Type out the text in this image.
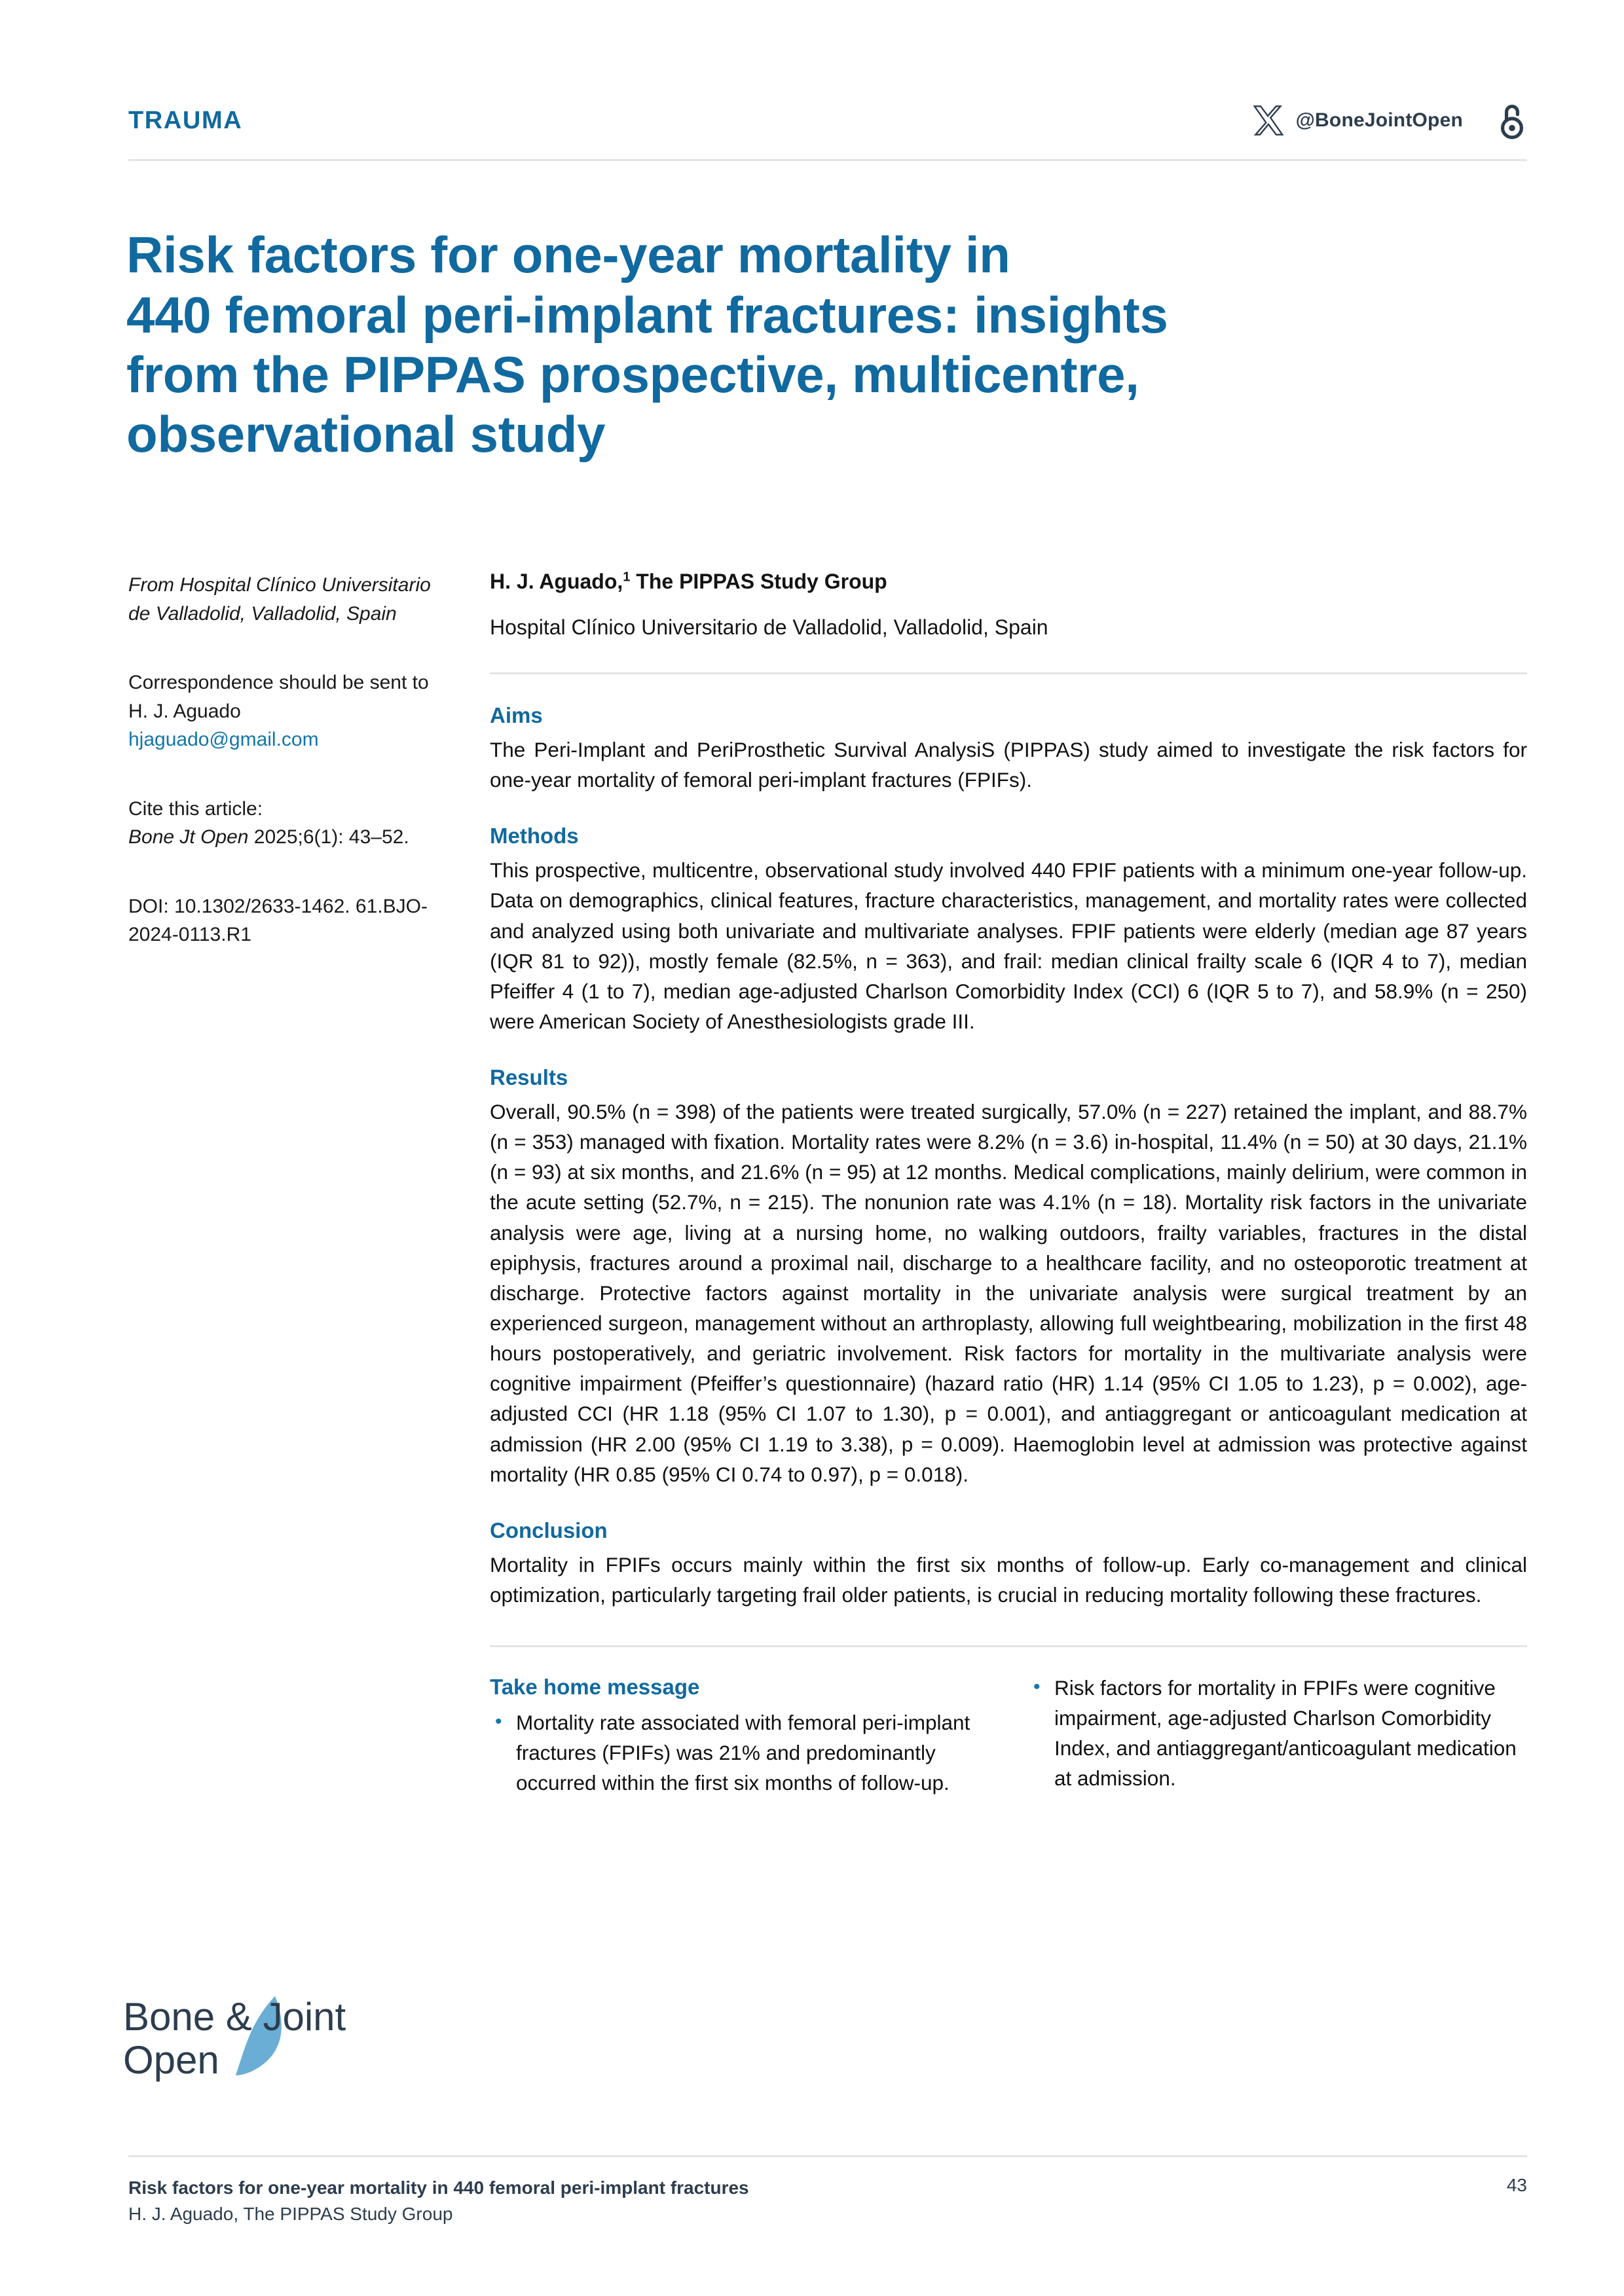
TRAUMA	@BoneJointOpen
Risk factors for one-year mortality in
440 femoral peri-implant fractures: insights
from the PIPPAS prospective, multicentre,
observational study
From Hospital Clínico Universitario de Valladolid, Valladolid, Spain
Correspondence should be sent to H. J. Aguado
hjaguado@gmail.com
Cite this article:
Bone Jt Open 2025;6(1): 43–52.
DOI: 10.1302/2633-1462. 61.BJO-2024-0113.R1
H. J. Aguado,$^1$ The PIPPAS Study Group
Hospital Clínico Universitario de Valladolid, Valladolid, Spain
Aims
The Peri-Implant and PeriProsthetic Survival AnalysiS (PIPPAS) study aimed to investigate the risk factors for one-year mortality of femoral peri-implant fractures (FPIFs).
Methods
This prospective, multicentre, observational study involved 440 FPIF patients with a minimum one-year follow-up. Data on demographics, clinical features, fracture characteristics, management, and mortality rates were collected and analyzed using both univariate and multivariate analyses. FPIF patients were elderly (median age 87 years (IQR 81 to 92)), mostly female (82.5%, n = 363), and frail: median clinical frailty scale 6 (IQR 4 to 7), median Pfeiffer 4 (1 to 7), median age-adjusted Charlson Comorbidity Index (CCI) 6 (IQR 5 to 7), and 58.9% (n = 250) were American Society of Anesthesiologists grade III.
Results
Overall, 90.5% (n = 398) of the patients were treated surgically, 57.0% (n = 227) retained the implant, and 88.7% (n = 353) managed with fixation. Mortality rates were 8.2% (n = 3.6) in-hospital, 11.4% (n = 50) at 30 days, 21.1% (n = 93) at six months, and 21.6% (n = 95) at 12 months. Medical complications, mainly delirium, were common in the acute setting (52.7%, n = 215). The nonunion rate was 4.1% (n = 18). Mortality risk factors in the univariate analysis were age, living at a nursing home, no walking outdoors, frailty variables, fractures in the distal epiphysis, fractures around a proximal nail, discharge to a healthcare facility, and no osteoporotic treatment at discharge. Protective factors against mortality in the univariate analysis were surgical treatment by an experienced surgeon, management without an arthroplasty, allowing full weightbearing, mobilization in the first 48 hours postoperatively, and geriatric involvement. Risk factors for mortality in the multivariate analysis were cognitive impairment (Pfeiffer’s questionnaire) (hazard ratio (HR) 1.14 (95% CI 1.05 to 1.23), p = 0.002), age-adjusted CCI (HR 1.18 (95% CI 1.07 to 1.30), p = 0.001), and antiaggregant or anticoagulant medication at admission (HR 2.00 (95% CI 1.19 to 3.38), p = 0.009). Haemoglobin level at admission was protective against mortality (HR 0.85 (95% CI 0.74 to 0.97), p = 0.018).
Conclusion
Mortality in FPIFs occurs mainly within the first six months of follow-up. Early co-management and clinical optimization, particularly targeting frail older patients, is crucial in reducing mortality following these fractures.
Take home message
• Mortality rate associated with femoral peri-implant fractures (FPIFs) was 21% and predominantly occurred within the first six months of follow-up.
• Risk factors for mortality in FPIFs were cognitive impairment, age-adjusted Charlson Comorbidity Index, and antiaggregant/anticoagulant medication at admission.
Bone & Joint
Open
Risk factors for one-year mortality in 440 femoral peri-implant fractures
H. J. Aguado, The PIPPAS Study Group
43
